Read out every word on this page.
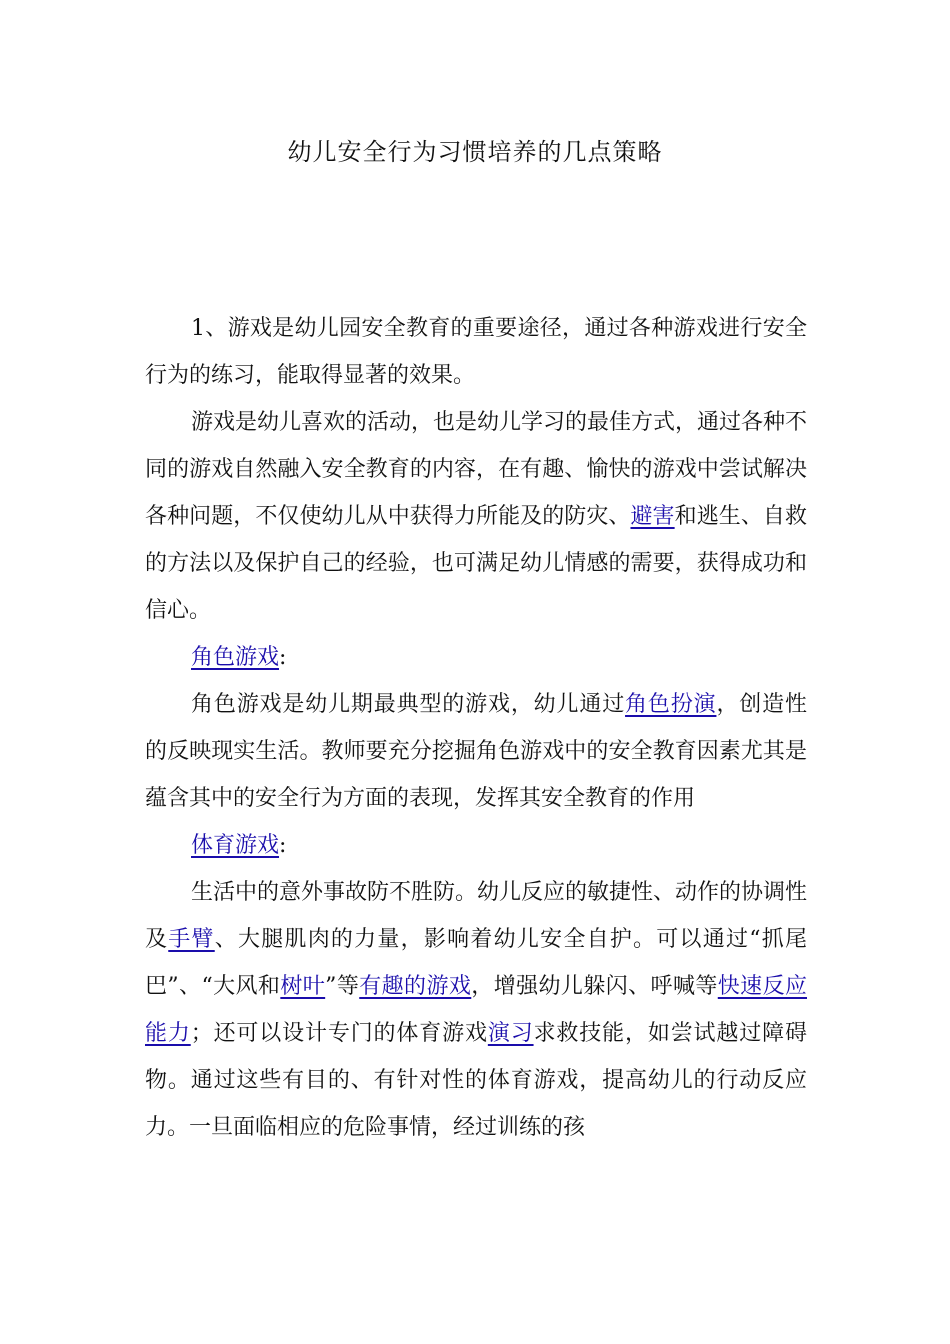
幼儿安全行为习惯培养的几点策略

1、游戏是幼儿园安全教育的重要途径，通过各种游戏进行安全行为的练习，能取得显著的效果。

游戏是幼儿喜欢的活动，也是幼儿学习的最佳方式，通过各种不同的游戏自然融入安全教育的内容，在有趣、愉快的游戏中尝试解决各种问题，不仅使幼儿从中获得力所能及的防灾、避害和逃生、自救的方法以及保护自己的经验，也可满足幼儿情感的需要，获得成功和信心。

角色游戏:

角色游戏是幼儿期最典型的游戏，幼儿通过角色扮演，创造性的反映现实生活。教师要充分挖掘角色游戏中的安全教育因素尤其是蕴含其中的安全行为方面的表现，发挥其安全教育的作用

体育游戏:

生活中的意外事故防不胜防。幼儿反应的敏捷性、动作的协调性及手臂、大腿肌肉的力量，影响着幼儿安全自护。可以通过“抓尾巴”、“大风和树叶”等有趣的游戏，增强幼儿躲闪、呼喊等快速反应能力；还可以设计专门的体育游戏演习求救技能，如尝试越过障碍物。通过这些有目的、有针对性的体育游戏，提高幼儿的行动反应力。一旦面临相应的危险事情，经过训练的孩
